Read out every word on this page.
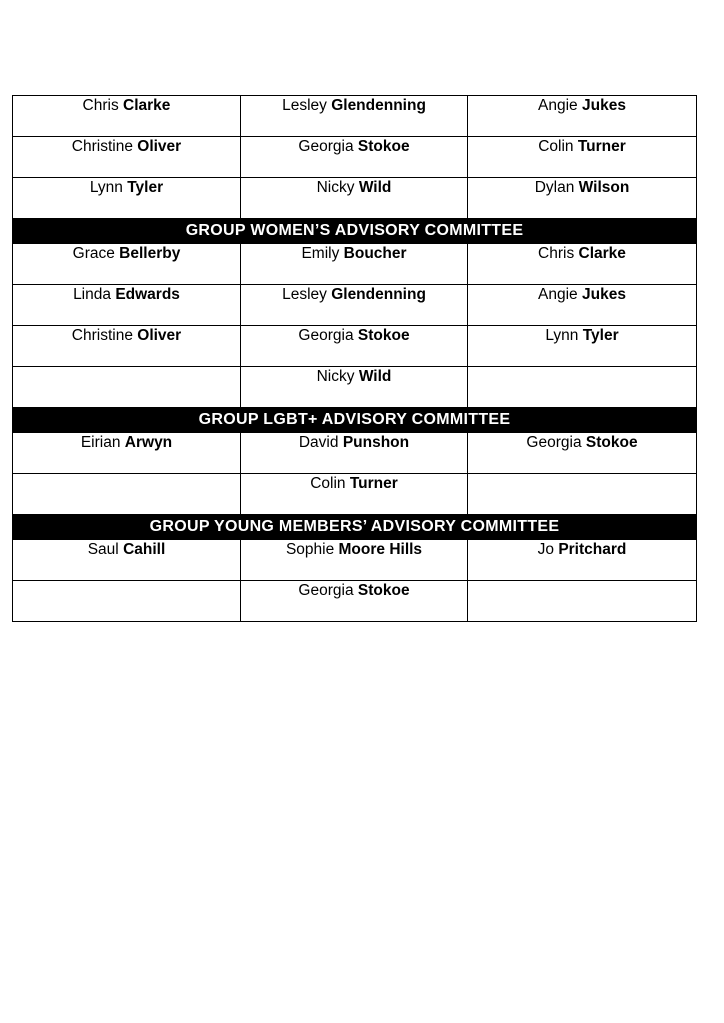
Chris Clarke	Lesley Glendenning	Angie Jukes
Christine Oliver	Georgia Stokoe	Colin Turner
Lynn Tyler	Nicky Wild	Dylan Wilson
GROUP WOMEN’S ADVISORY COMMITTEE		
Grace Bellerby	Emily Boucher	Chris Clarke
Linda Edwards	Lesley Glendenning	Angie Jukes
Christine Oliver	Georgia Stokoe	Lynn Tyler
	Nicky Wild	
GROUP LGBT+ ADVISORY COMMITTEE		
Eirian Arwyn	David Punshon	Georgia Stokoe
	Colin Turner	
GROUP YOUNG MEMBERS’ ADVISORY COMMITTEE		
Saul Cahill	Sophie Moore Hills	Jo Pritchard
	Georgia Stokoe	
